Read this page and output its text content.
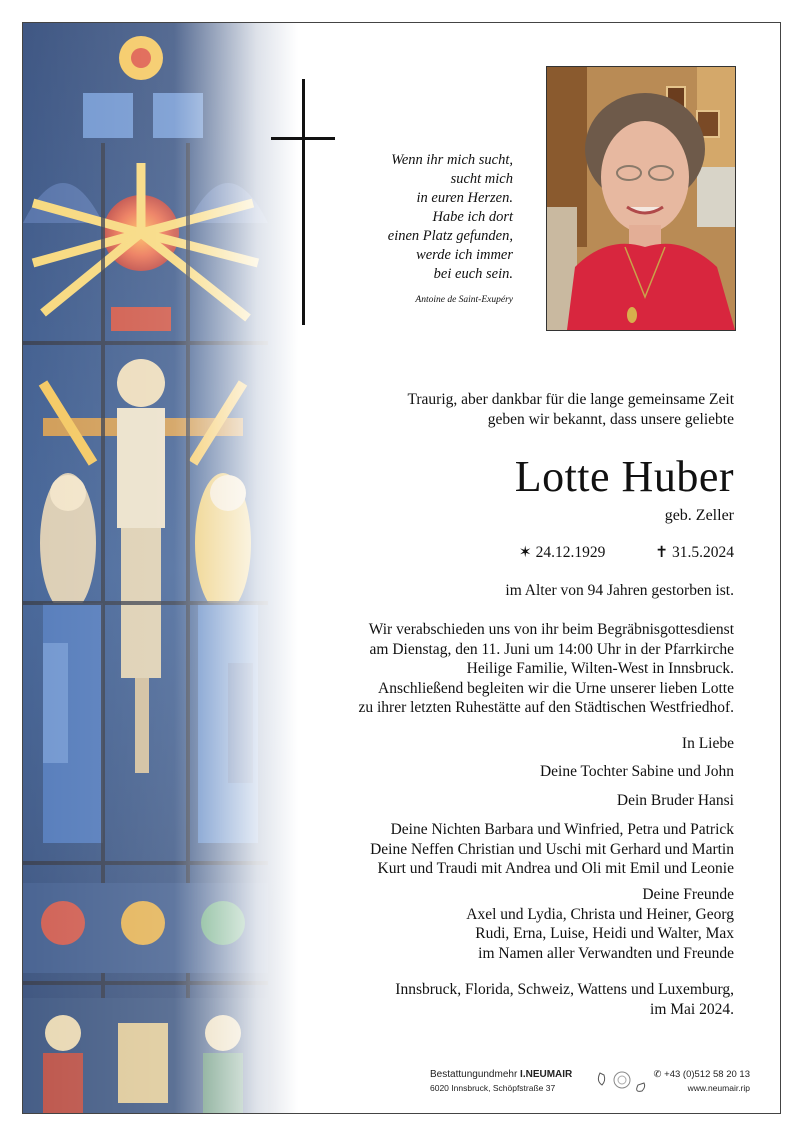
Wenn ihr mich sucht,
sucht mich
in euren Herzen.
Habe ich dort
einen Platz gefunden,
werde ich immer
bei euch sein.
Antoine de Saint-Exupéry
Traurig, aber dankbar für die lange gemeinsame Zeit
geben wir bekannt, dass unsere geliebte
Lotte Huber
geb. Zeller
✶ 24.12.1929	✝ 31.5.2024
im Alter von 94 Jahren gestorben ist.
Wir verabschieden uns von ihr beim Begräbnisgottesdienst
am Dienstag, den 11. Juni um 14:00 Uhr in der Pfarrkirche
Heilige Familie, Wilten-West in Innsbruck.
Anschließend begleiten wir die Urne unserer lieben Lotte
zu ihrer letzten Ruhestätte auf den Städtischen Westfriedhof.
In Liebe
Deine Tochter Sabine und John
Dein Bruder Hansi
Deine Nichten Barbara und Winfried, Petra und Patrick
Deine Neffen Christian und Uschi mit Gerhard und Martin
Kurt und Traudi mit Andrea und Oli mit Emil und Leonie
Deine Freunde
Axel und Lydia, Christa und Heiner, Georg
Rudi, Erna, Luise, Heidi und Walter, Max
im Namen aller Verwandten und Freunde
Innsbruck, Florida, Schweiz, Wattens und Luxemburg,
im Mai 2024.
Bestattungundmehr I.NEUMAIR
6020 Innsbruck, Schöpfstraße 37
✆ +43 (0)512 58 20 13
www.neumair.rip
